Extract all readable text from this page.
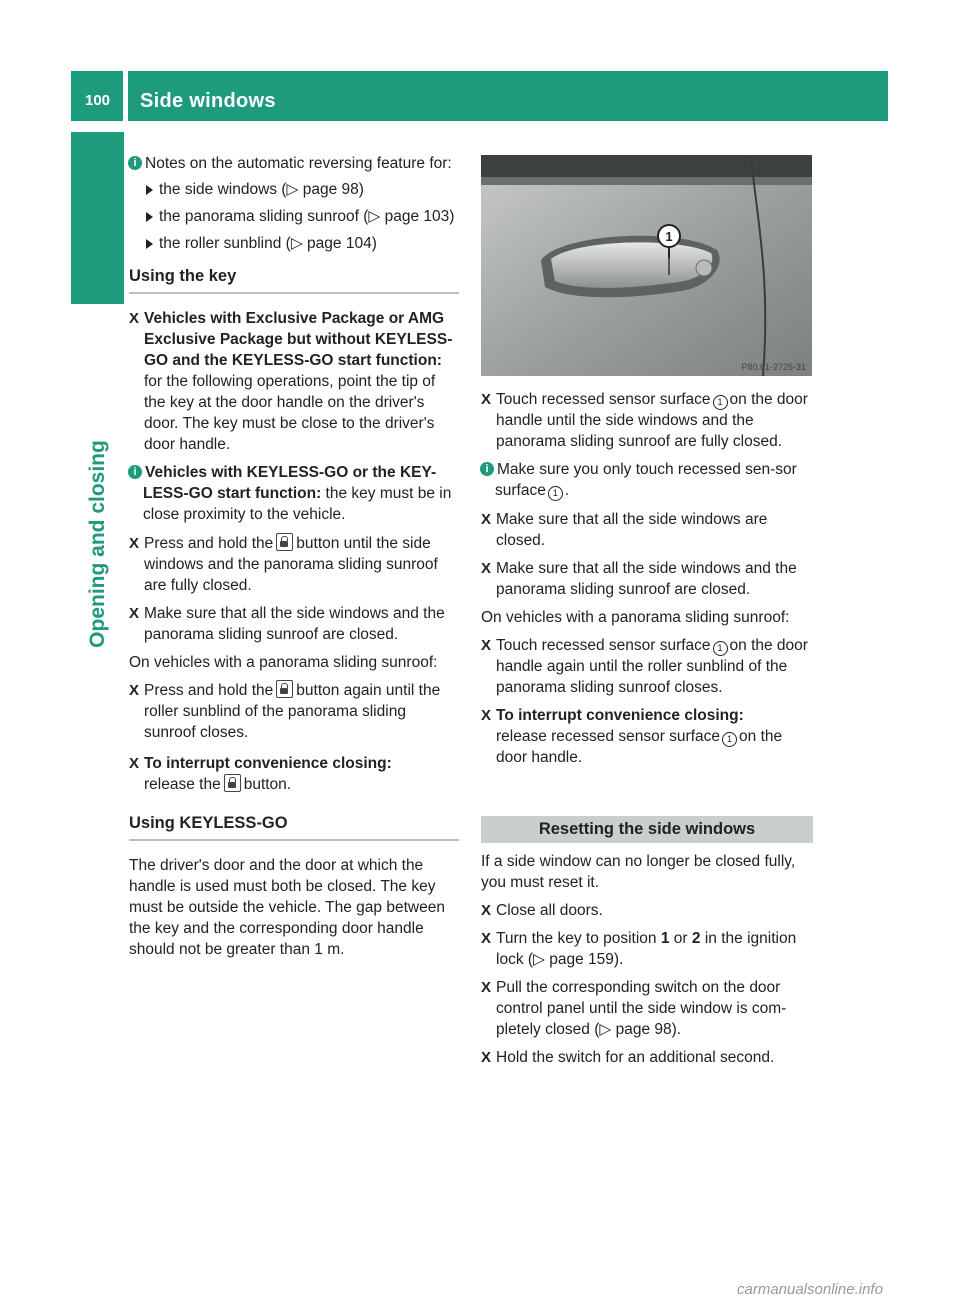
100 Side windows
Opening and closing
i Notes on the automatic reversing feature for:

the side windows (▷ page 98)
the panorama sliding sunroof (▷ page 103)
the roller sunblind (▷ page 104)
Using the key
X Vehicles with Exclusive Package or AMG Exclusive Package but without KEYLESS-GO and the KEYLESS-GO start function: for the following operations, point the tip of the key at the door handle on the driver's door. The key must be close to the driver's door handle.
i Vehicles with KEYLESS-GO or the KEY-LESS-GO start function: the key must be in close proximity to the vehicle.
X Press and hold the button until the side windows and the panorama sliding sunroof are fully closed.
X Make sure that all the side windows and the panorama sliding sunroof are closed.

On vehicles with a panorama sliding sunroof:

X Press and hold the button again until the roller sunblind of the panorama sliding sunroof closes.
X To interrupt convenience closing:
release the button.
Using KEYLESS-GO

The driver's door and the door at which the handle is used must both be closed. The key must be outside the vehicle. The gap between the key and the corresponding door handle should not be greater than 1 m.

1
P80.61-2726-31
X Touch recessed sensor surface 1 on the door handle until the side windows and the panorama sliding sunroof are fully closed.
i Make sure you only touch recessed sen-sor surface 1 .
X Make sure that all the side windows are closed.
X Make sure that all the side windows and the panorama sliding sunroof are closed.

On vehicles with a panorama sliding sunroof:

X Touch recessed sensor surface 1 on the door handle again until the roller sunblind of the panorama sliding sunroof closes.
X To interrupt convenience closing:
release recessed sensor surface 1 on the door handle.
Resetting the side windows

If a side window can no longer be closed fully, you must reset it.

X Close all doors.
X Turn the key to position 1 or 2 in the ignition lock (▷ page 159).
X Pull the corresponding switch on the door control panel until the side window is com-pletely closed (▷ page 98).
X Hold the switch for an additional second.
carmanualsonline.info
